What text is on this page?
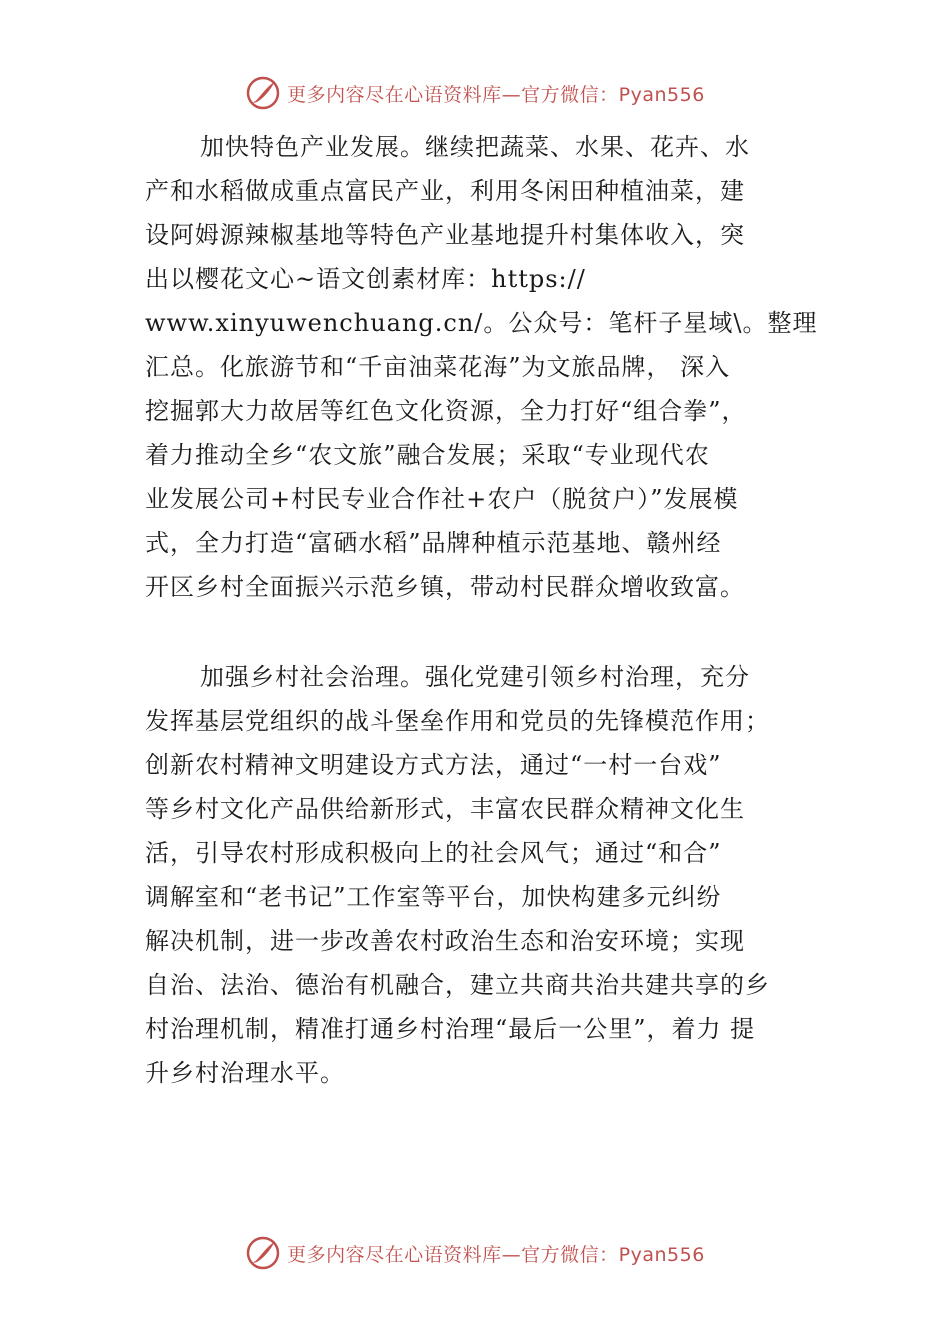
更多内容尽在心语资料库—官方微信：Pyan556
加快特色产业发展。继续把蔬菜、水果、花卉、水
产和水稻做成重点富民产业，利用冬闲田种植油菜，建
设阿姆源辣椒基地等特色产业基地提升村集体收入，突
出以樱花文心~语文创素材库：https://
www.xinyuwenchuang.cn/。公众号：笔杆子星域\。整理
汇总。化旅游节和“千亩油菜花海”为文旅品牌， 深入
挖掘郭大力故居等红色文化资源，全力打好“组合拳”，
着力推动全乡“农文旅”融合发展；采取“专业现代农
业发展公司+村民专业合作社+农户（脱贫户）”发展模
式，全力打造“富硒水稻”品牌种植示范基地、赣州经
开区乡村全面振兴示范乡镇，带动村民群众增收致富。
加强乡村社会治理。强化党建引领乡村治理，充分
发挥基层党组织的战斗堡垒作用和党员的先锋模范作用；
创新农村精神文明建设方式方法，通过“一村一台戏”
等乡村文化产品供给新形式，丰富农民群众精神文化生
活，引导农村形成积极向上的社会风气；通过“和合”
调解室和“老书记”工作室等平台，加快构建多元纠纷
解决机制，进一步改善农村政治生态和治安环境；实现
自治、法治、德治有机融合，建立共商共治共建共享的乡
村治理机制，精准打通乡村治理“最后一公里”，着力 提
升乡村治理水平。
更多内容尽在心语资料库—官方微信：Pyan556
